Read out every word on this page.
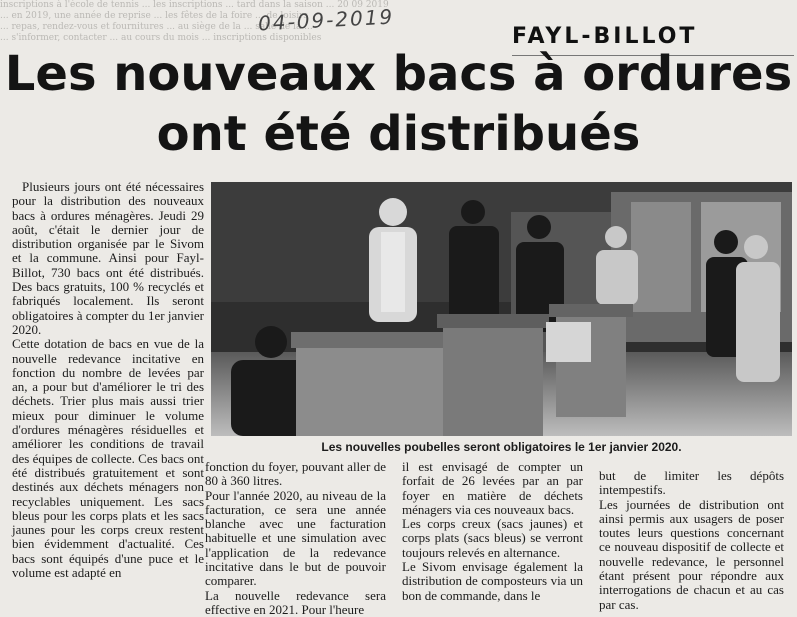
inscriptions à l'école de tennis ... les inscriptions ... tard dans la saison ... 20 09 2019

... en 2019, une année de reprise ... les fêtes de la foire ... de loisirs

... repas, rendez-vous et fournitures ... au siège de la ... salle de la ...

... s'informer, contacter ... au cours du mois ... inscriptions disponibles

04-09-2019
FAYL-BILLOT
Les nouveaux bacs à ordures
ont été distribués

Plusieurs jours ont été nécessaires pour la distribution des nouveaux bacs à ordures ménagères. Jeudi 29 août, c'était le dernier jour de distribution organisée par le Sivom et la commune. Ainsi pour Fayl-Billot, 730 bacs ont été distribués. Des bacs gratuits, 100 % recyclés et fabriqués localement. Ils seront obligatoires à compter du 1er janvier 2020.

Cette dotation de bacs en vue de la nouvelle redevance incitative en fonction du nombre de levées par an, a pour but d'améliorer le tri des déchets. Trier plus mais aussi trier mieux pour diminuer le volume d'ordures ménagères résiduelles et améliorer les conditions de travail des équipes de collecte. Ces bacs ont été distribués gratuitement et sont destinés aux déchets ménagers non recyclables uniquement. Les sacs bleus pour les corps plats et les sacs jaunes pour les corps creux restent bien évidemment d'actualité. Ces bacs sont équipés d'une puce et le volume est adapté en

Les nouvelles poubelles seront obligatoires le 1er janvier 2020.

fonction du foyer, pouvant aller de 80 à 360 litres.

Pour l'année 2020, au niveau de la facturation, ce sera une année blanche avec une facturation habituelle et une simulation avec l'application de la redevance incitative dans le but de pouvoir comparer.

La nouvelle redevance sera effective en 2021. Pour l'heure

il est envisagé de compter un forfait de 26 levées par an par foyer en matière de déchets ménagers via ces nouveaux bacs.

Les corps creux (sacs jaunes) et corps plats (sacs bleus) se verront toujours relevés en alternance.

Le Sivom envisage également la distribution de composteurs via un bon de commande, dans le

but de limiter les dépôts intempestifs.

Les journées de distribution ont ainsi permis aux usagers de poser toutes leurs questions concernant ce nouveau dispositif de collecte et nouvelle redevance, le personnel étant présent pour répondre aux interrogations de chacun et au cas par cas.
